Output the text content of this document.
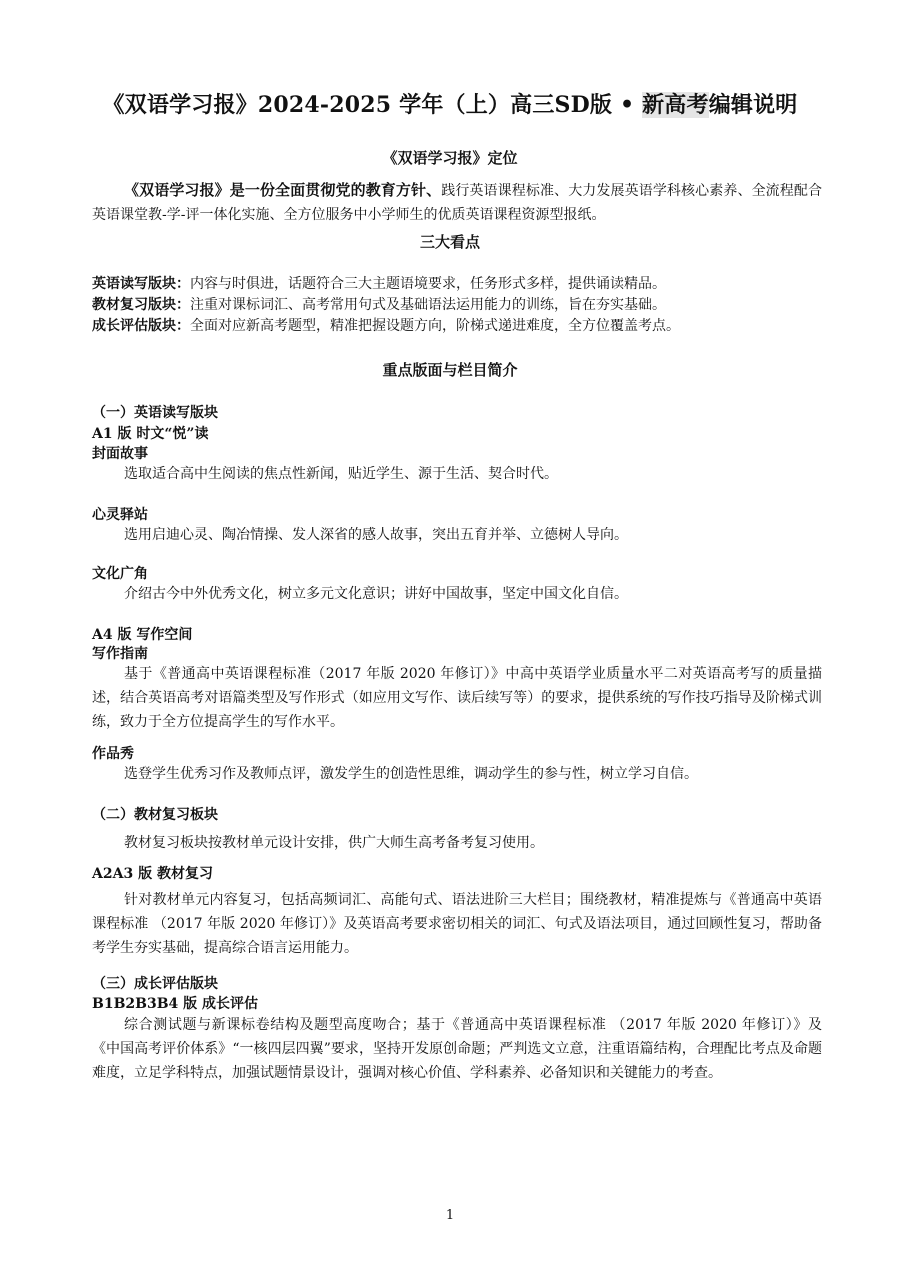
《双语学习报》2024-2025 学年（上）高三SD版 • 新高考编辑说明
《双语学习报》定位
《双语学习报》是一份全面贯彻党的教育方针、践行英语课程标准、大力发展英语学科核心素养、全流程配合英语课堂教-学-评一体化实施、全方位服务中小学师生的优质英语课程资源型报纸。
三大看点
英语读写版块：内容与时俱进，话题符合三大主题语境要求，任务形式多样，提供诵读精品。
教材复习版块：注重对课标词汇、高考常用句式及基础语法运用能力的训练，旨在夯实基础。
成长评估版块：全面对应新高考题型，精准把握设题方向，阶梯式递进难度，全方位覆盖考点。
重点版面与栏目简介
（一）英语读写版块
A1 版 时文“悦”读
封面故事
选取适合高中生阅读的焦点性新闻，贴近学生、源于生活、契合时代。
心灵驿站
选用启迪心灵、陶冶情操、发人深省的感人故事，突出五育并举、立德树人导向。
文化广角
介绍古今中外优秀文化，树立多元文化意识；讲好中国故事，坚定中国文化自信。
A4 版 写作空间
写作指南
基于《普通高中英语课程标准（2017 年版 2020 年修订）》中高中英语学业质量水平二对英语高考写的质量描述，结合英语高考对语篇类型及写作形式（如应用文写作、读后续写等）的要求，提供系统的写作技巧指导及阶梯式训练，致力于全方位提高学生的写作水平。
作品秀
选登学生优秀习作及教师点评，激发学生的创造性思维，调动学生的参与性，树立学习自信。
（二）教材复习板块
教材复习板块按教材单元设计安排，供广大师生高考备考复习使用。
A2A3 版 教材复习
针对教材单元内容复习，包括高频词汇、高能句式、语法进阶三大栏目；围绕教材，精准提炼与《普通高中英语课程标准 （2017 年版 2020 年修订）》及英语高考要求密切相关的词汇、句式及语法项目，通过回顾性复习，帮助备考学生夯实基础，提高综合语言运用能力。
（三）成长评估版块
B1B2B3B4 版 成长评估
综合测试题与新课标卷结构及题型高度吻合；基于《普通高中英语课程标准 （2017 年版 2020 年修订）》及《中国高考评价体系》“一核四层四翼”要求，坚持开发原创命题；严判选文立意，注重语篇结构，合理配比考点及命题难度，立足学科特点，加强试题情景设计，强调对核心价值、学科素养、必备知识和关键能力的考查。
1
